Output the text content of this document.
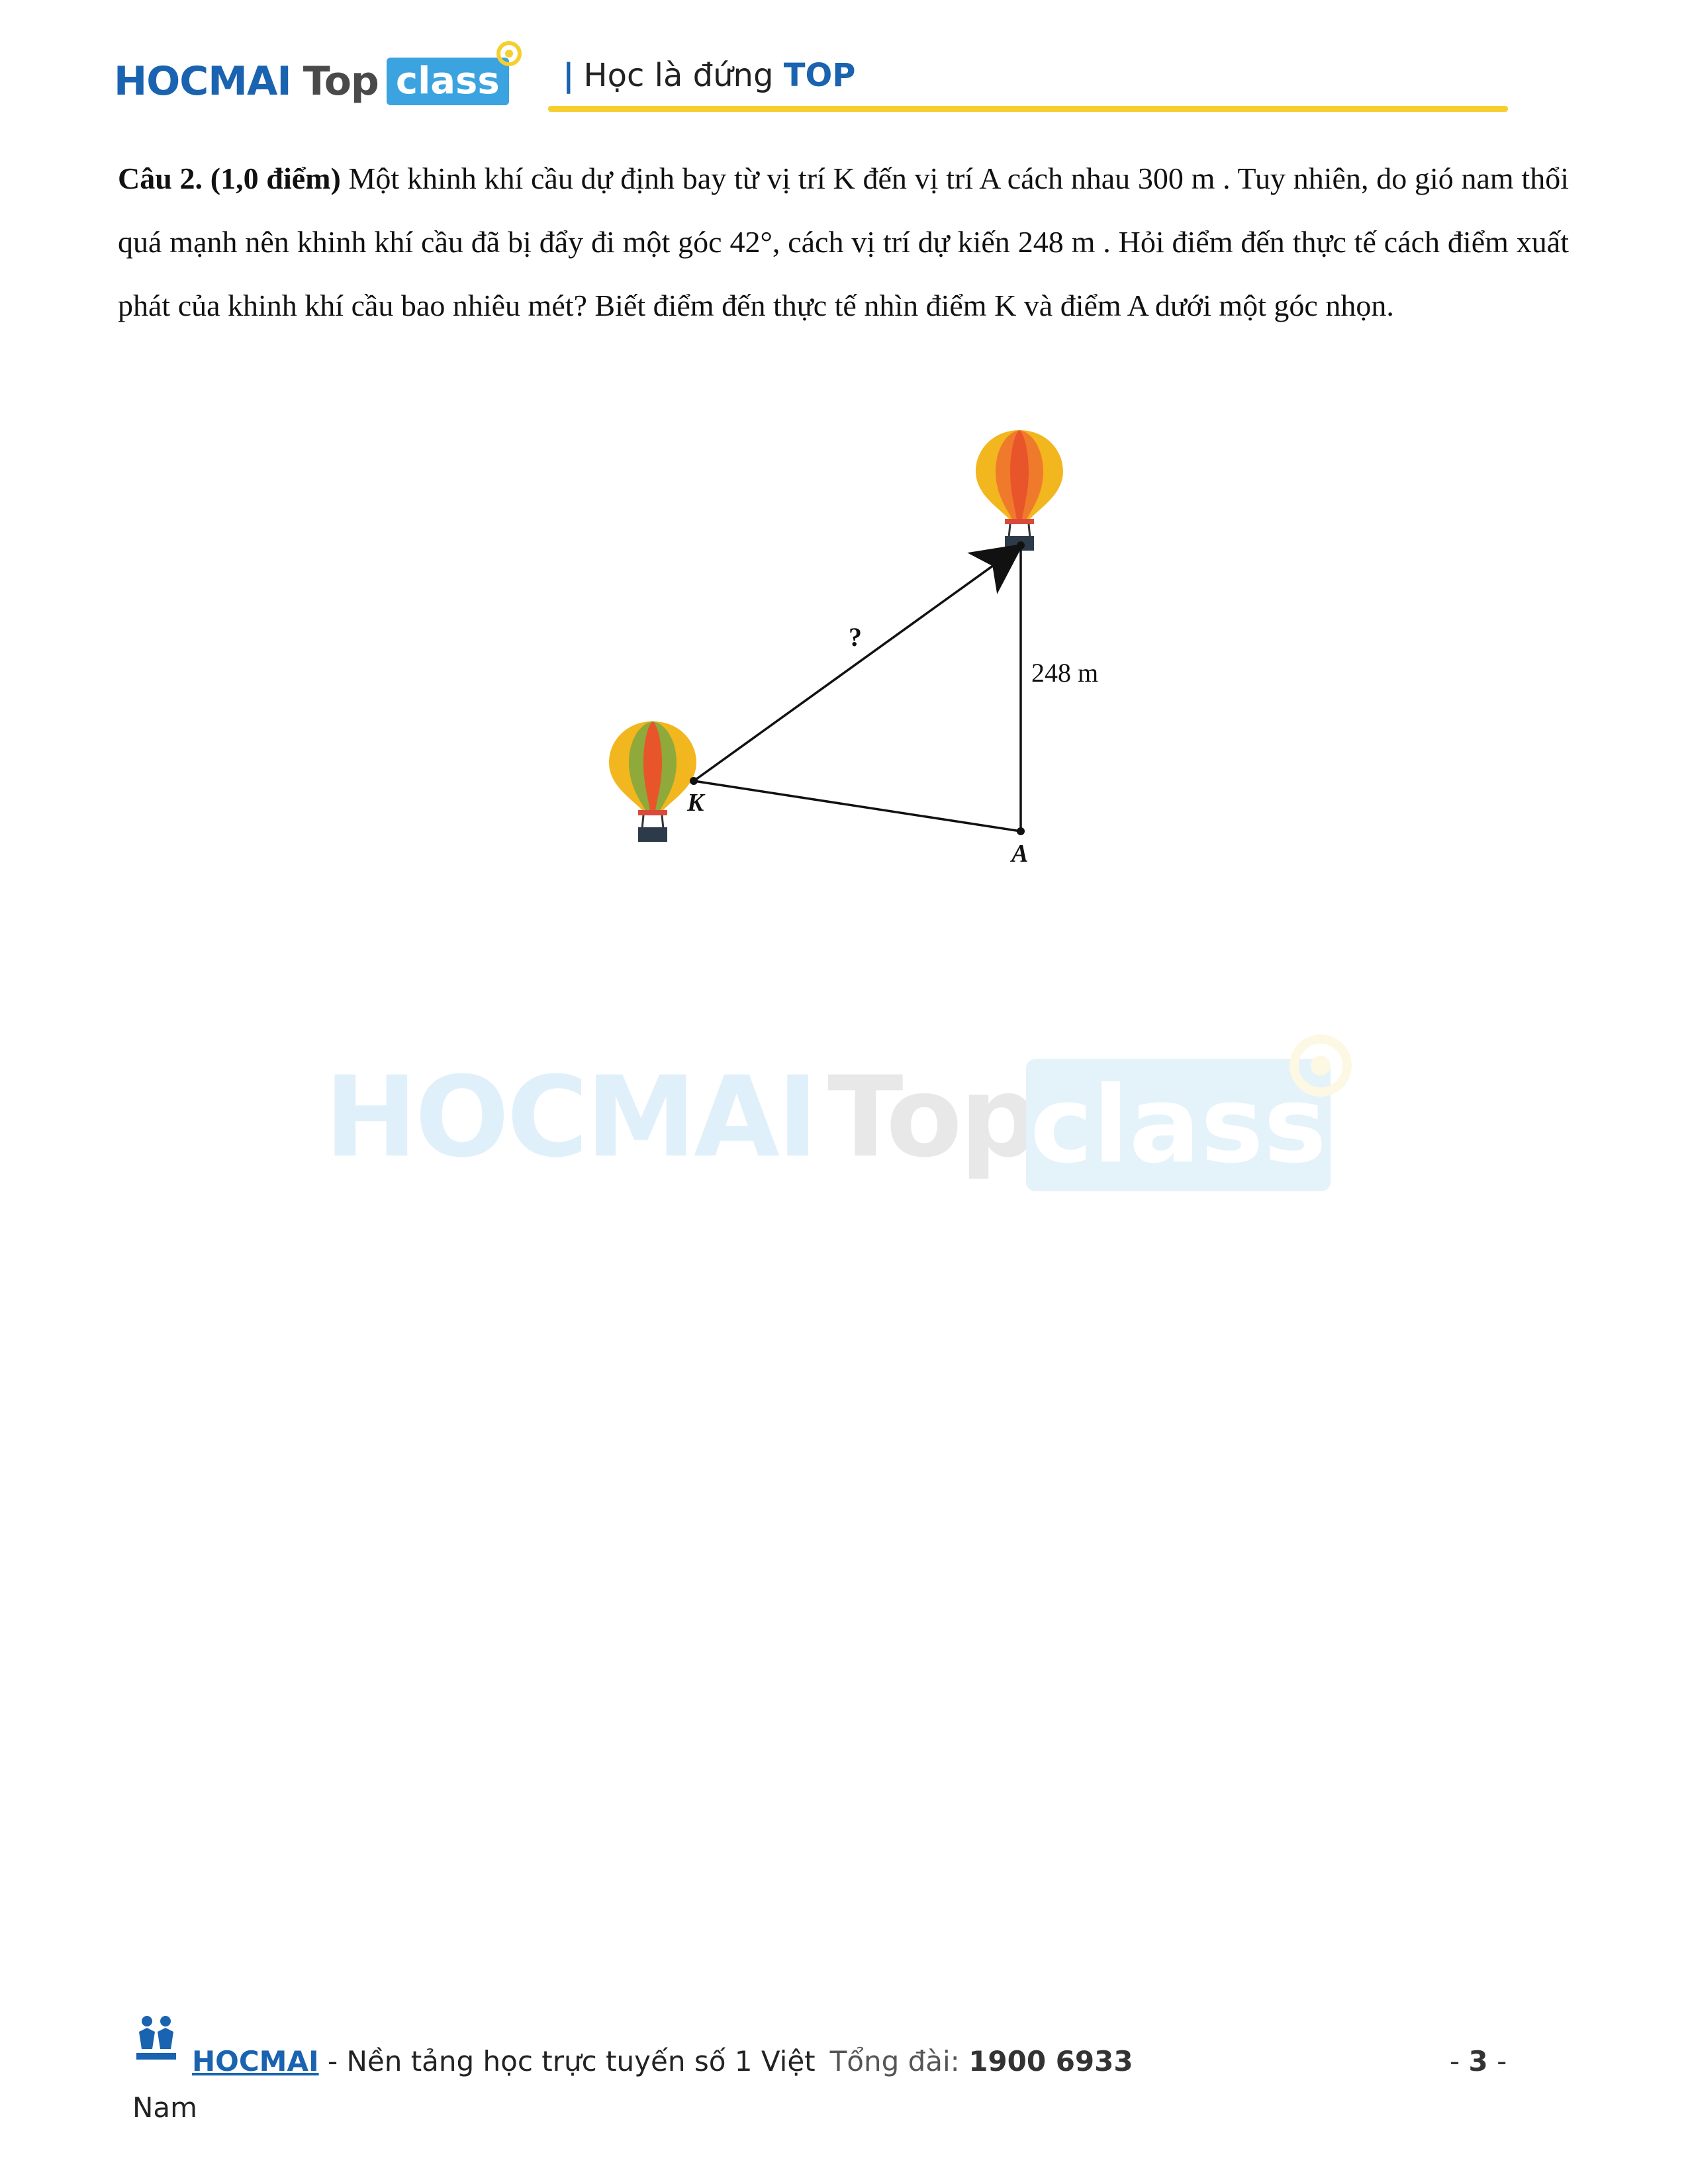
HOCMAI Top class | Học là đứng TOP
Câu 2. (1,0 điểm) Một khinh khí cầu dự định bay từ vị trí K đến vị trí A cách nhau 300 m . Tuy nhiên, do gió nam thổi quá mạnh nên khinh khí cầu đã bị đẩy đi một góc 42°, cách vị trí dự kiến 248 m . Hỏi điểm đến thực tế cách điểm xuất phát của khinh khí cầu bao nhiêu mét? Biết điểm đến thực tế nhìn điểm K và điểm A dưới một góc nhọn.
?
248 m
K
A
HOCMAI Top
class
HOCMAI - Nền tảng học trực tuyến số 1 Việt Tổng đài: 1900 6933
Nam
- 3 -
